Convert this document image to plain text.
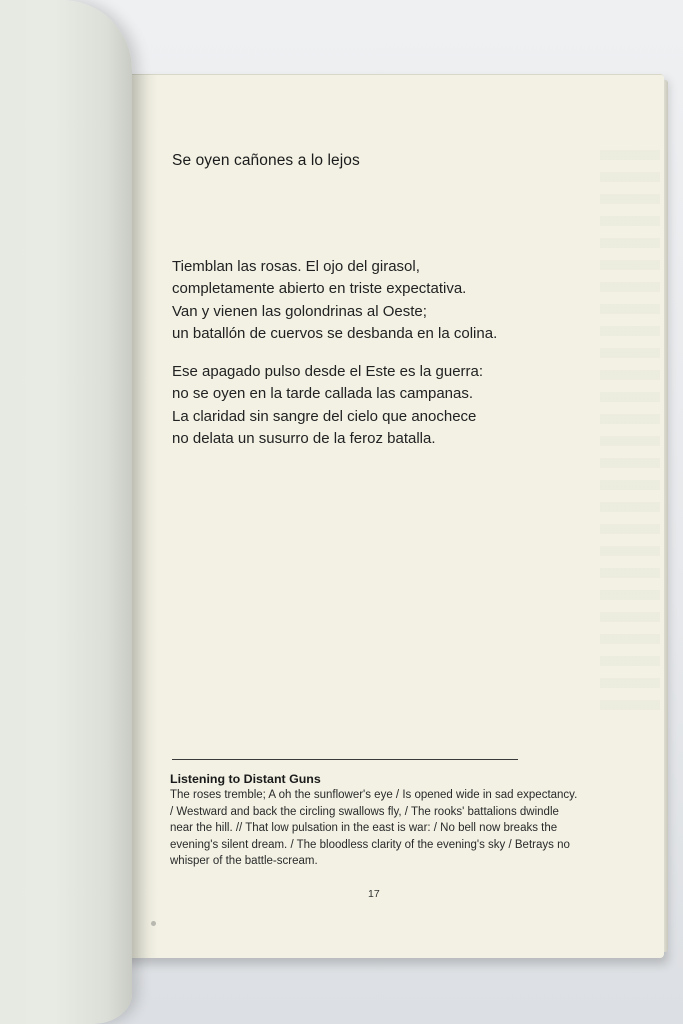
Se oyen cañones a lo lejos
Tiemblan las rosas. El ojo del girasol,
completamente abierto en triste expectativa.
Van y vienen las golondrinas al Oeste;
un batallón de cuervos se desbanda en la colina.
Ese apagado pulso desde el Este es la guerra:
no se oyen en la tarde callada las campanas.
La claridad sin sangre del cielo que anochece
no delata un susurro de la feroz batalla.
Listening to Distant Guns
The roses tremble; A oh the sunflower's eye / Is opened wide in sad expectancy.
/ Westward and back the circling swallows fly, / The rooks' battalions dwindle
near the hill. // That low pulsation in the east is war: / No bell now breaks the
evening's silent dream. / The bloodless clarity of the evening's sky / Betrays no
whisper of the battle-scream.
17
